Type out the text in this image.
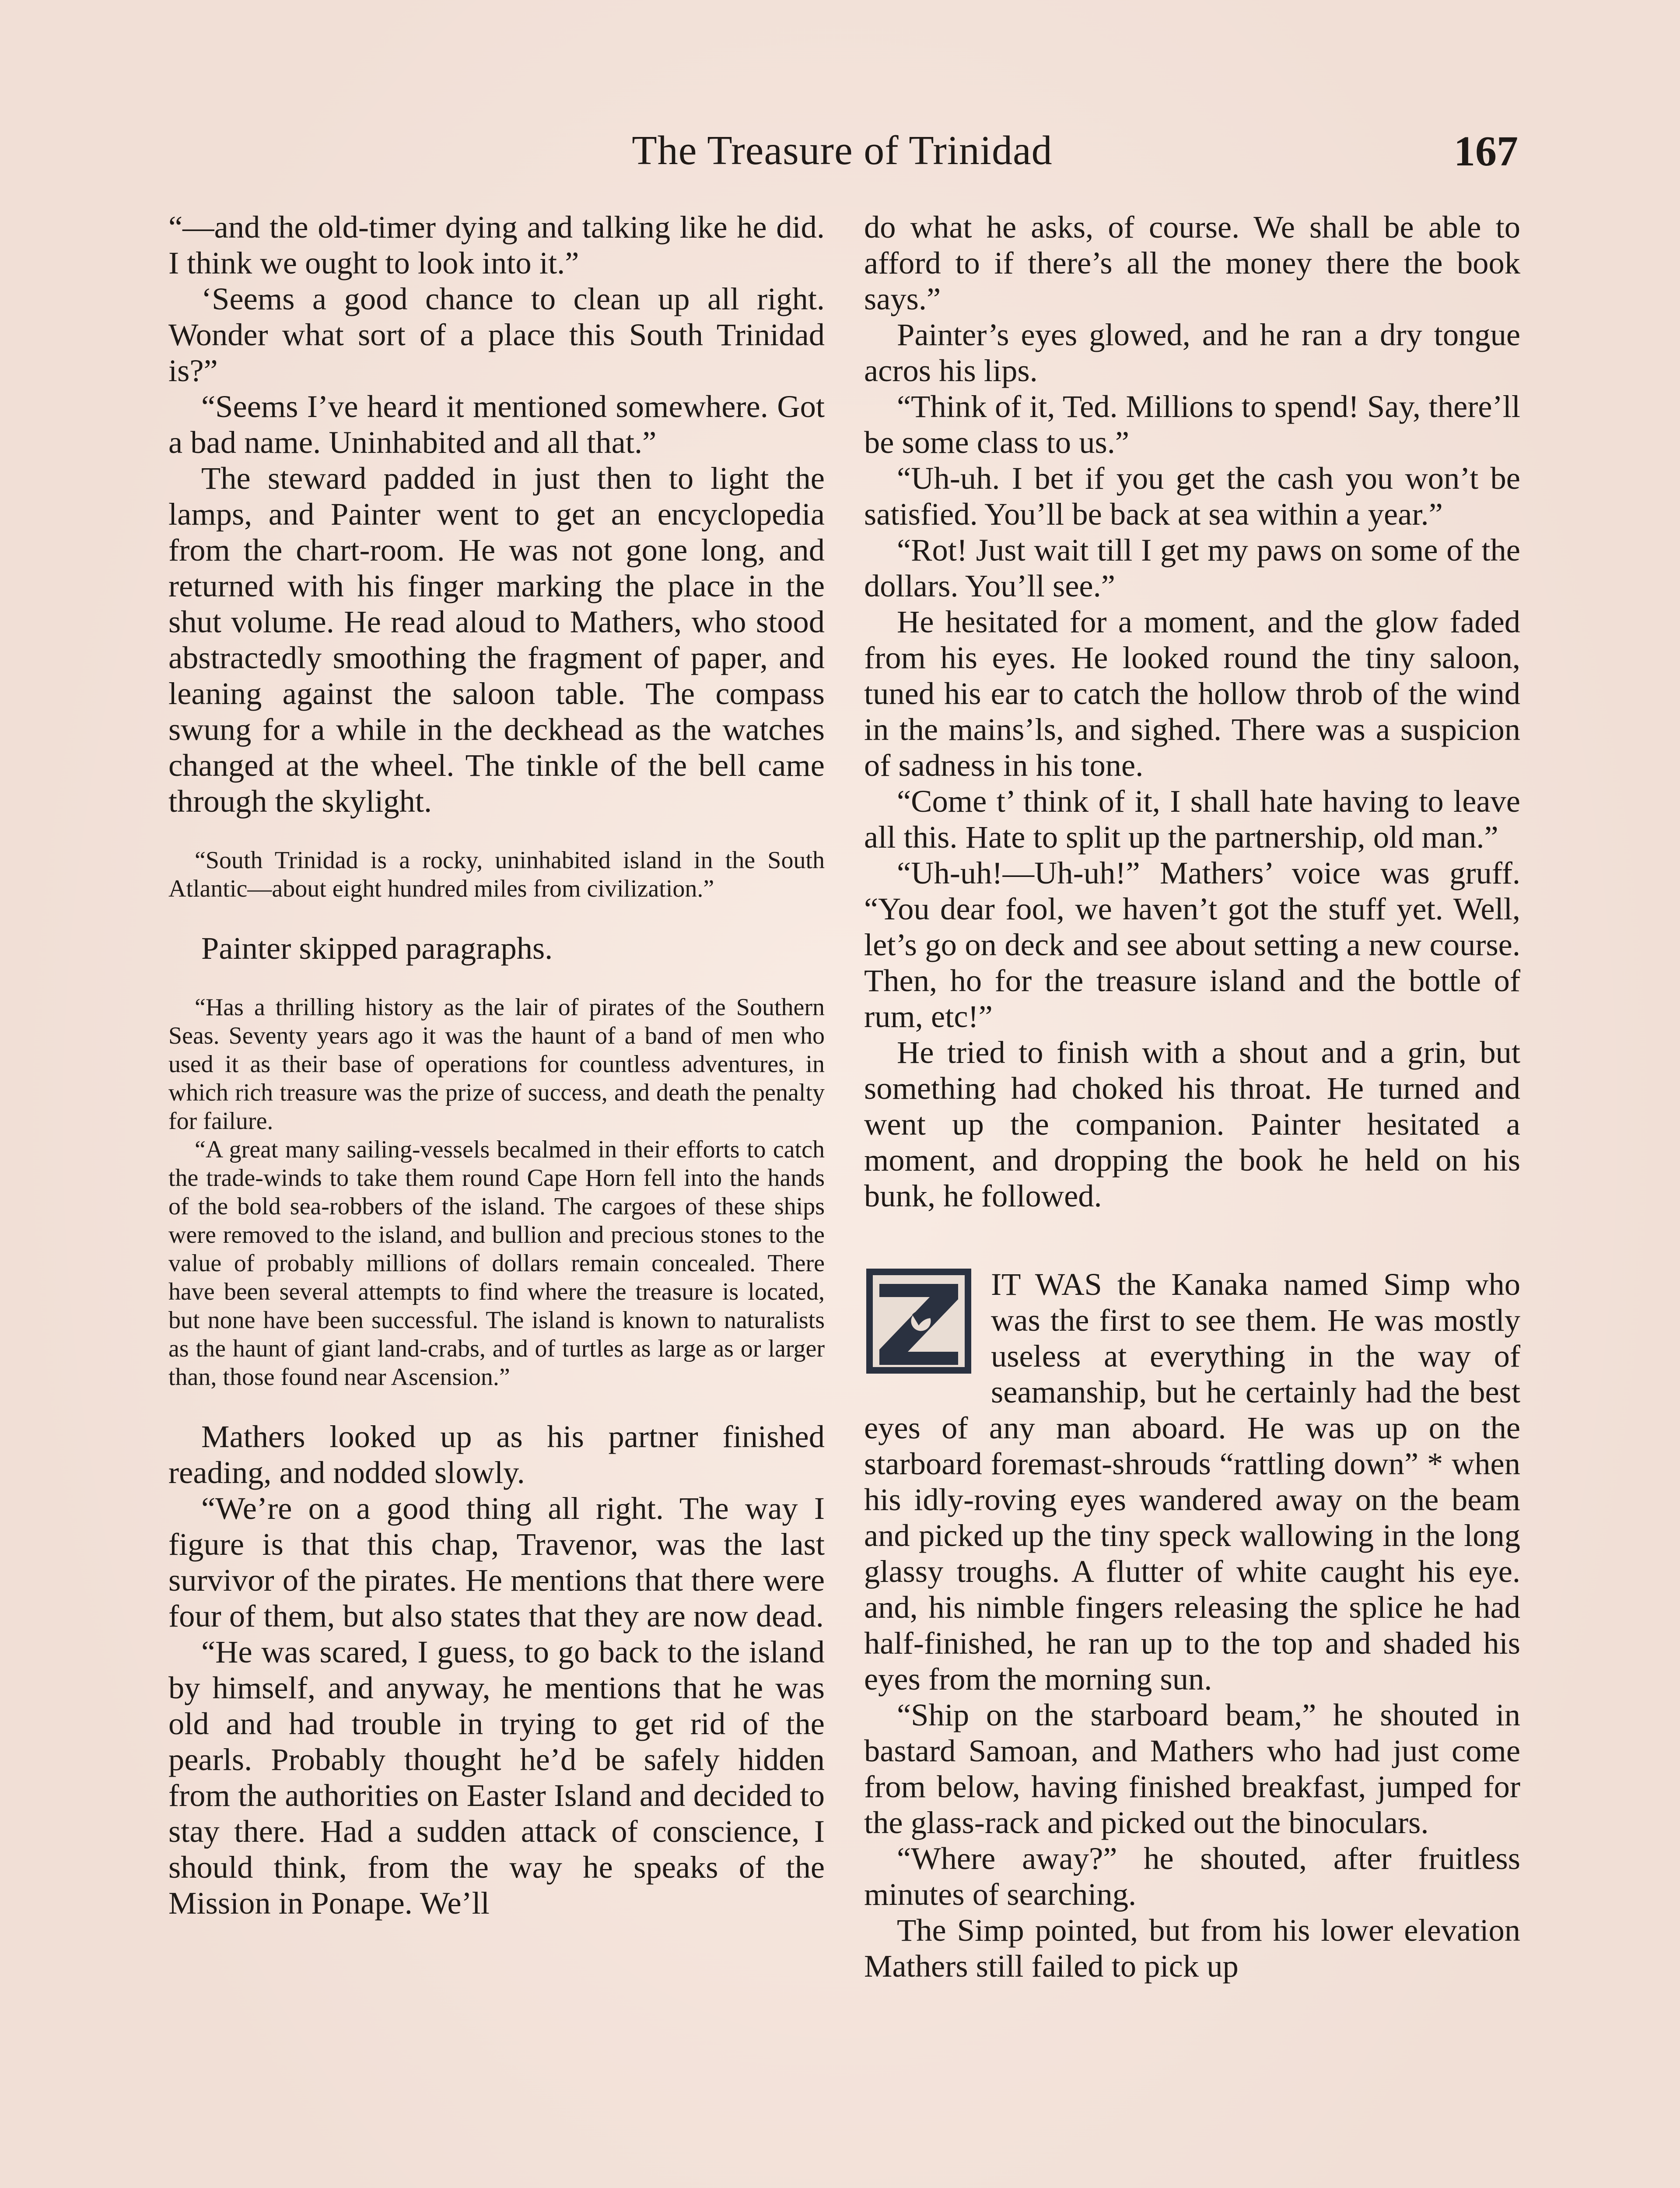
The Treasure of Trinidad	167

“—and the old-timer dying and talking like he did. I think we ought to look into it.”

‘Seems a good chance to clean up all right. Wonder what sort of a place this South Trinidad is?”

“Seems I’ve heard it mentioned somewhere. Got a bad name. Uninhabited and all that.”

The steward padded in just then to light the lamps, and Painter went to get an encyclopedia from the chart-room. He was not gone long, and returned with his finger marking the place in the shut volume. He read aloud to Mathers, who stood abstractedly smoothing the fragment of paper, and leaning against the saloon table. The compass swung for a while in the deckhead as the watches changed at the wheel. The tinkle of the bell came through the skylight.

“South Trinidad is a rocky, uninhabited island in the South Atlantic—about eight hundred miles from civilization.”

Painter skipped paragraphs.

“Has a thrilling history as the lair of pirates of the Southern Seas. Seventy years ago it was the haunt of a band of men who used it as their base of operations for countless adventures, in which rich treasure was the prize of success, and death the penalty for failure.

“A great many sailing-vessels becalmed in their efforts to catch the trade-winds to take them round Cape Horn fell into the hands of the bold sea-robbers of the island. The cargoes of these ships were removed to the island, and bullion and precious stones to the value of probably millions of dollars remain concealed. There have been several attempts to find where the treasure is located, but none have been successful. The island is known to naturalists as the haunt of giant land-crabs, and of turtles as large as or larger than, those found near Ascension.”

Mathers looked up as his partner finished reading, and nodded slowly.

“We’re on a good thing all right. The way I figure is that this chap, Travenor, was the last survivor of the pirates. He mentions that there were four of them, but also states that they are now dead.

“He was scared, I guess, to go back to the island by himself, and anyway, he mentions that he was old and had trouble in trying to get rid of the pearls. Probably thought he’d be safely hidden from the authorities on Easter Island and decided to stay there. Had a sudden attack of conscience, I should think, from the way he speaks of the Mission in Ponape. We’ll

do what he asks, of course. We shall be able to afford to if there’s all the money there the book says.”

Painter’s eyes glowed, and he ran a dry tongue acros his lips.

“Think of it, Ted. Millions to spend! Say, there’ll be some class to us.”

“Uh-uh. I bet if you get the cash you won’t be satisfied. You’ll be back at sea within a year.”

“Rot! Just wait till I get my paws on some of the dollars. You’ll see.”

He hesitated for a moment, and the glow faded from his eyes. He looked round the tiny saloon, tuned his ear to catch the hollow throb of the wind in the mains’ls, and sighed. There was a suspicion of sadness in his tone.

“Come t’ think of it, I shall hate having to leave all this. Hate to split up the partnership, old man.”

“Uh-uh!—Uh-uh!” Mathers’ voice was gruff. “You dear fool, we haven’t got the stuff yet. Well, let’s go on deck and see about setting a new course. Then, ho for the treasure island and the bottle of rum, etc!”

He tried to finish with a shout and a grin, but something had choked his throat. He turned and went up the companion. Painter hesitated a moment, and dropping the book he held on his bunk, he followed.

IT WAS the Kanaka named Simp who was the first to see them. He was mostly useless at everything in the way of seamanship, but he certainly had the best eyes of any man aboard. He was up on the starboard foremast-shrouds “rattling down” * when his idly-roving eyes wandered away on the beam and picked up the tiny speck wallowing in the long glassy troughs. A flutter of white caught his eye. and, his nimble fingers releasing the splice he had half-finished, he ran up to the top and shaded his eyes from the morning sun.

“Ship on the starboard beam,” he shouted in bastard Samoan, and Mathers who had just come from below, having finished breakfast, jumped for the glass-rack and picked out the binoculars.

“Where away?” he shouted, after fruitless minutes of searching.

The Simp pointed, but from his lower elevation Mathers still failed to pick up
